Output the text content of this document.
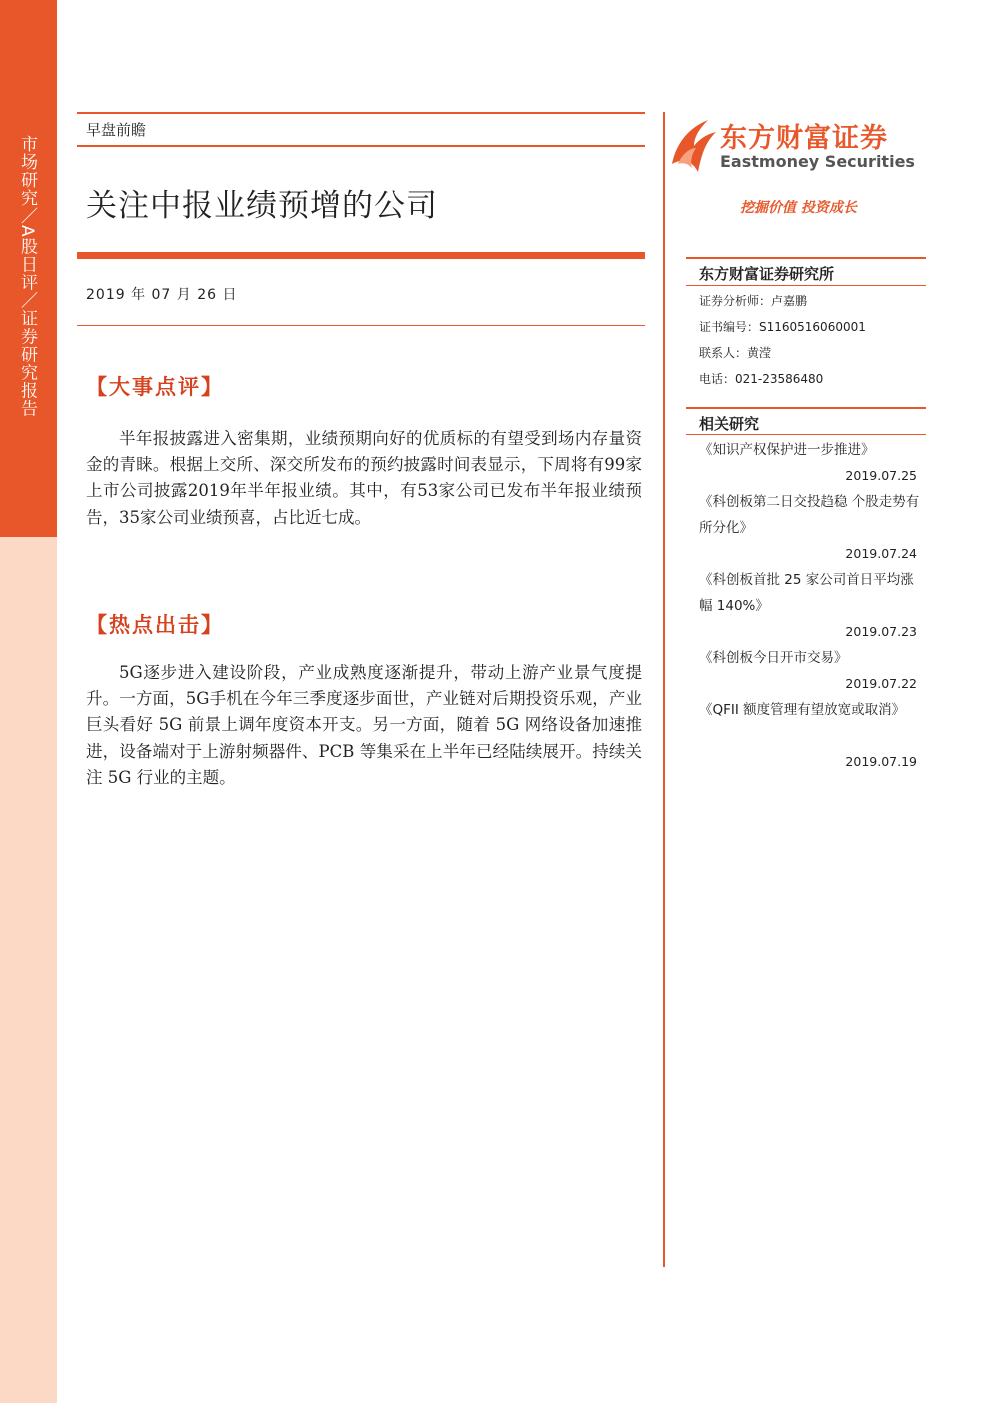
市场研究／A股日评／证券研究报告
早盘前瞻
关注中报业绩预增的公司
2019 年 07 月 26 日
【大事点评】
半年报披露进入密集期，业绩预期向好的优质标的有望受到场内存量资金的青睐。根据上交所、深交所发布的预约披露时间表显示，下周将有99家上市公司披露2019年半年报业绩。其中，有53家公司已发布半年报业绩预告，35家公司业绩预喜，占比近七成。
【热点出击】
5G逐步进入建设阶段，产业成熟度逐渐提升，带动上游产业景气度提升。一方面，5G手机在今年三季度逐步面世，产业链对后期投资乐观，产业巨头看好 5G 前景上调年度资本开支。另一方面，随着 5G 网络设备加速推进，设备端对于上游射频器件、PCB 等集采在上半年已经陆续展开。持续关注 5G 行业的主题。
东方财富证券
Eastmoney Securities
挖掘价值 投资成长
东方财富证券研究所
证券分析师：卢嘉鹏
证书编号：S1160516060001
联系人：黄滢
电话：021-23586480
相关研究
《知识产权保护进一步推进》
2019.07.25
《科创板第二日交投趋稳 个股走势有所分化》
2019.07.24
《科创板首批 25 家公司首日平均涨幅 140%》
2019.07.23
《科创板今日开市交易》
2019.07.22
《QFII 额度管理有望放宽或取消》
2019.07.19
